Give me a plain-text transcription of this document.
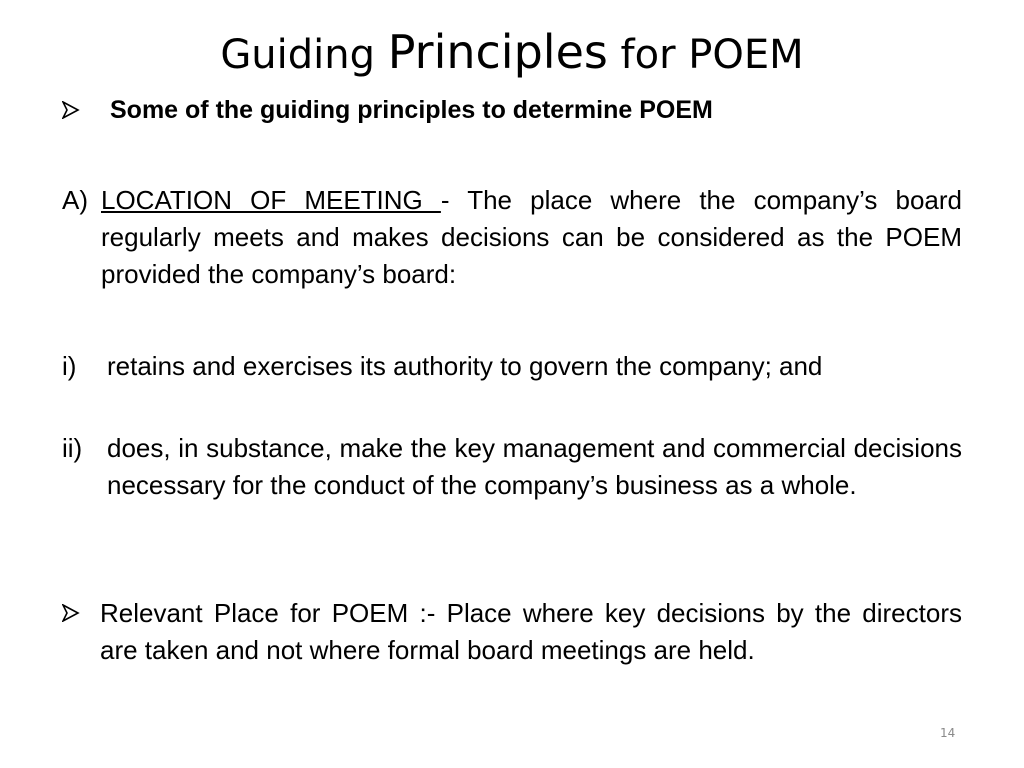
Guiding Principles for POEM
Some of the guiding principles to determine POEM
A) LOCATION OF MEETING - The place where the company’s board regularly meets and makes decisions can be considered as the POEM provided the company’s board:
i)	retains and exercises its authority to govern the company; and
ii) does, in substance, make the key management and commercial decisions necessary for the conduct of the company’s business as a whole.
Relevant Place for POEM :- Place where key decisions by the directors are taken and not where formal board meetings are held.
14
